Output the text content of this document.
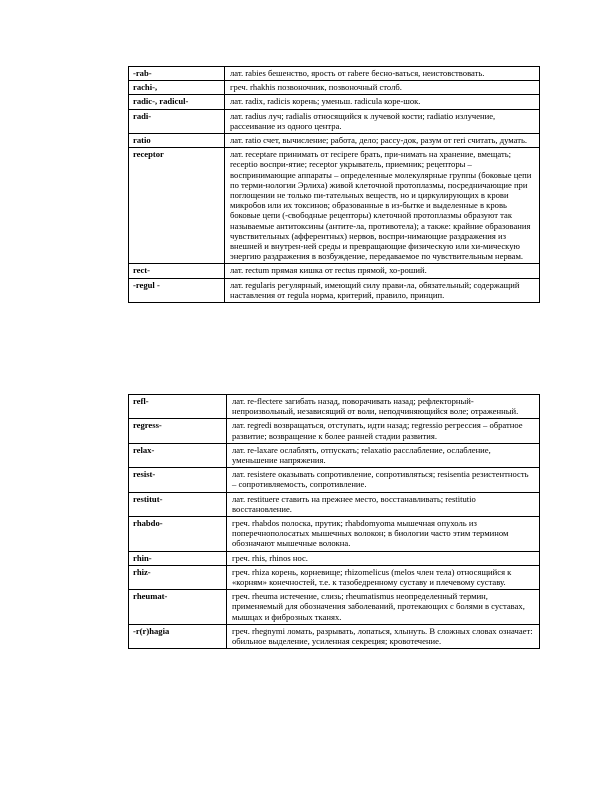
-rab-	лат. rabies бешенство, ярость от rabere беснo-ваться, неистовствовать.
rachi-,	греч. rhakhis позвоночник, позвоночный столб.
radic-, radicul-	лат. radix, radicis корень; уменьш. radicula коре-шок.
radi-	лат. radius луч; radialis относящийся к лучевой кости; radiatio излучение, рассеивание из одного центра.
ratio	лат. ratio счет, вычисление; работа, дело; рассу-док, разум от reri считать, думать.
receptor	лат. receptare принимать от recipere брать, при-нимать на хранение, вмещать; receptio воспри-ятие; receptor укрыватель, приемник; рецепторы – воспринимающие аппараты – определенные молекулярные группы (боковые цепи по терми-нологии Эрлиха) живой клеточной протоплазмы, посредничающие при поглощении не только пи-тательных веществ, но и циркулирующих в крови микробов или их токсинов; образованные в из-бытке и выделенные в кровь боковые цепи (-свободные рецепторы) клеточной протоплазмы образуют так называемые антитоксины (антите-ла, противотела); а также: крайние образования чувствительных (афферентных) нервов, воспри-нимающие раздражения из внешней и внутрен-ней среды и превращающие физическую или хи-мическую энергию раздражения в возбуждение, передаваемое по чувствительным нервам.
rect-	лат. rectum прямая кишка от rectus прямой, хо-роший.
-regul -	лат. regularis регулярный, имеющий силу прави-ла, обязательный; содержащий наставления от regula норма, критерий, правило, принцип.
refl-	лат. re-flectere загибать назад, поворачивать назад; рефлекторный- непроизвольный, независящий от воли, неподчиняющийся воле; отраженный.
regress-	лат. regredi возвращаться, отступать, идти назад; regressio регрессия – обратное развитие; возвращение к более ранней стадии развития.
relax-	лат. re-laxare ослаблять, отпускать; relaxatio расслабление, ослабление, уменьшение напряжения.
resist-	лат. resistere оказывать сопротивление, сопротивляться; resisentia резистентность – сопротивляемость, сопротивление.
restitut-	лат. restituere ставить на прежнее место, восстанавливать; restitutio восстановление.
rhabdo-	греч. rhabdos полоска, прутик; rhabdomyoma мышечная опухоль из поперечнополосатых мышечных волокон; в биологии часто этим термином обозначают мышечные волокна.
rhin-	греч. rhis, rhinos нос.
rhiz-	греч. rhiza корень, корневище; rhizomelicus (melos член тела) относящийся к «корням» конечностей, т.е. к тазобедренному суставу и плечевому суставу.
rheumat-	греч. rheuma истечение, слизь; rheumatismus неопределенный термин, применяемый для обозначения заболеваний, протекающих с болями в суставах, мышцах и фиброзных тканях.
-r(r)hagia	греч. rhegnymi ломать, разрывать, лопаться, хлынуть. В сложных словах означает: обильное выделение, усиленная секреция; кровотечение.
